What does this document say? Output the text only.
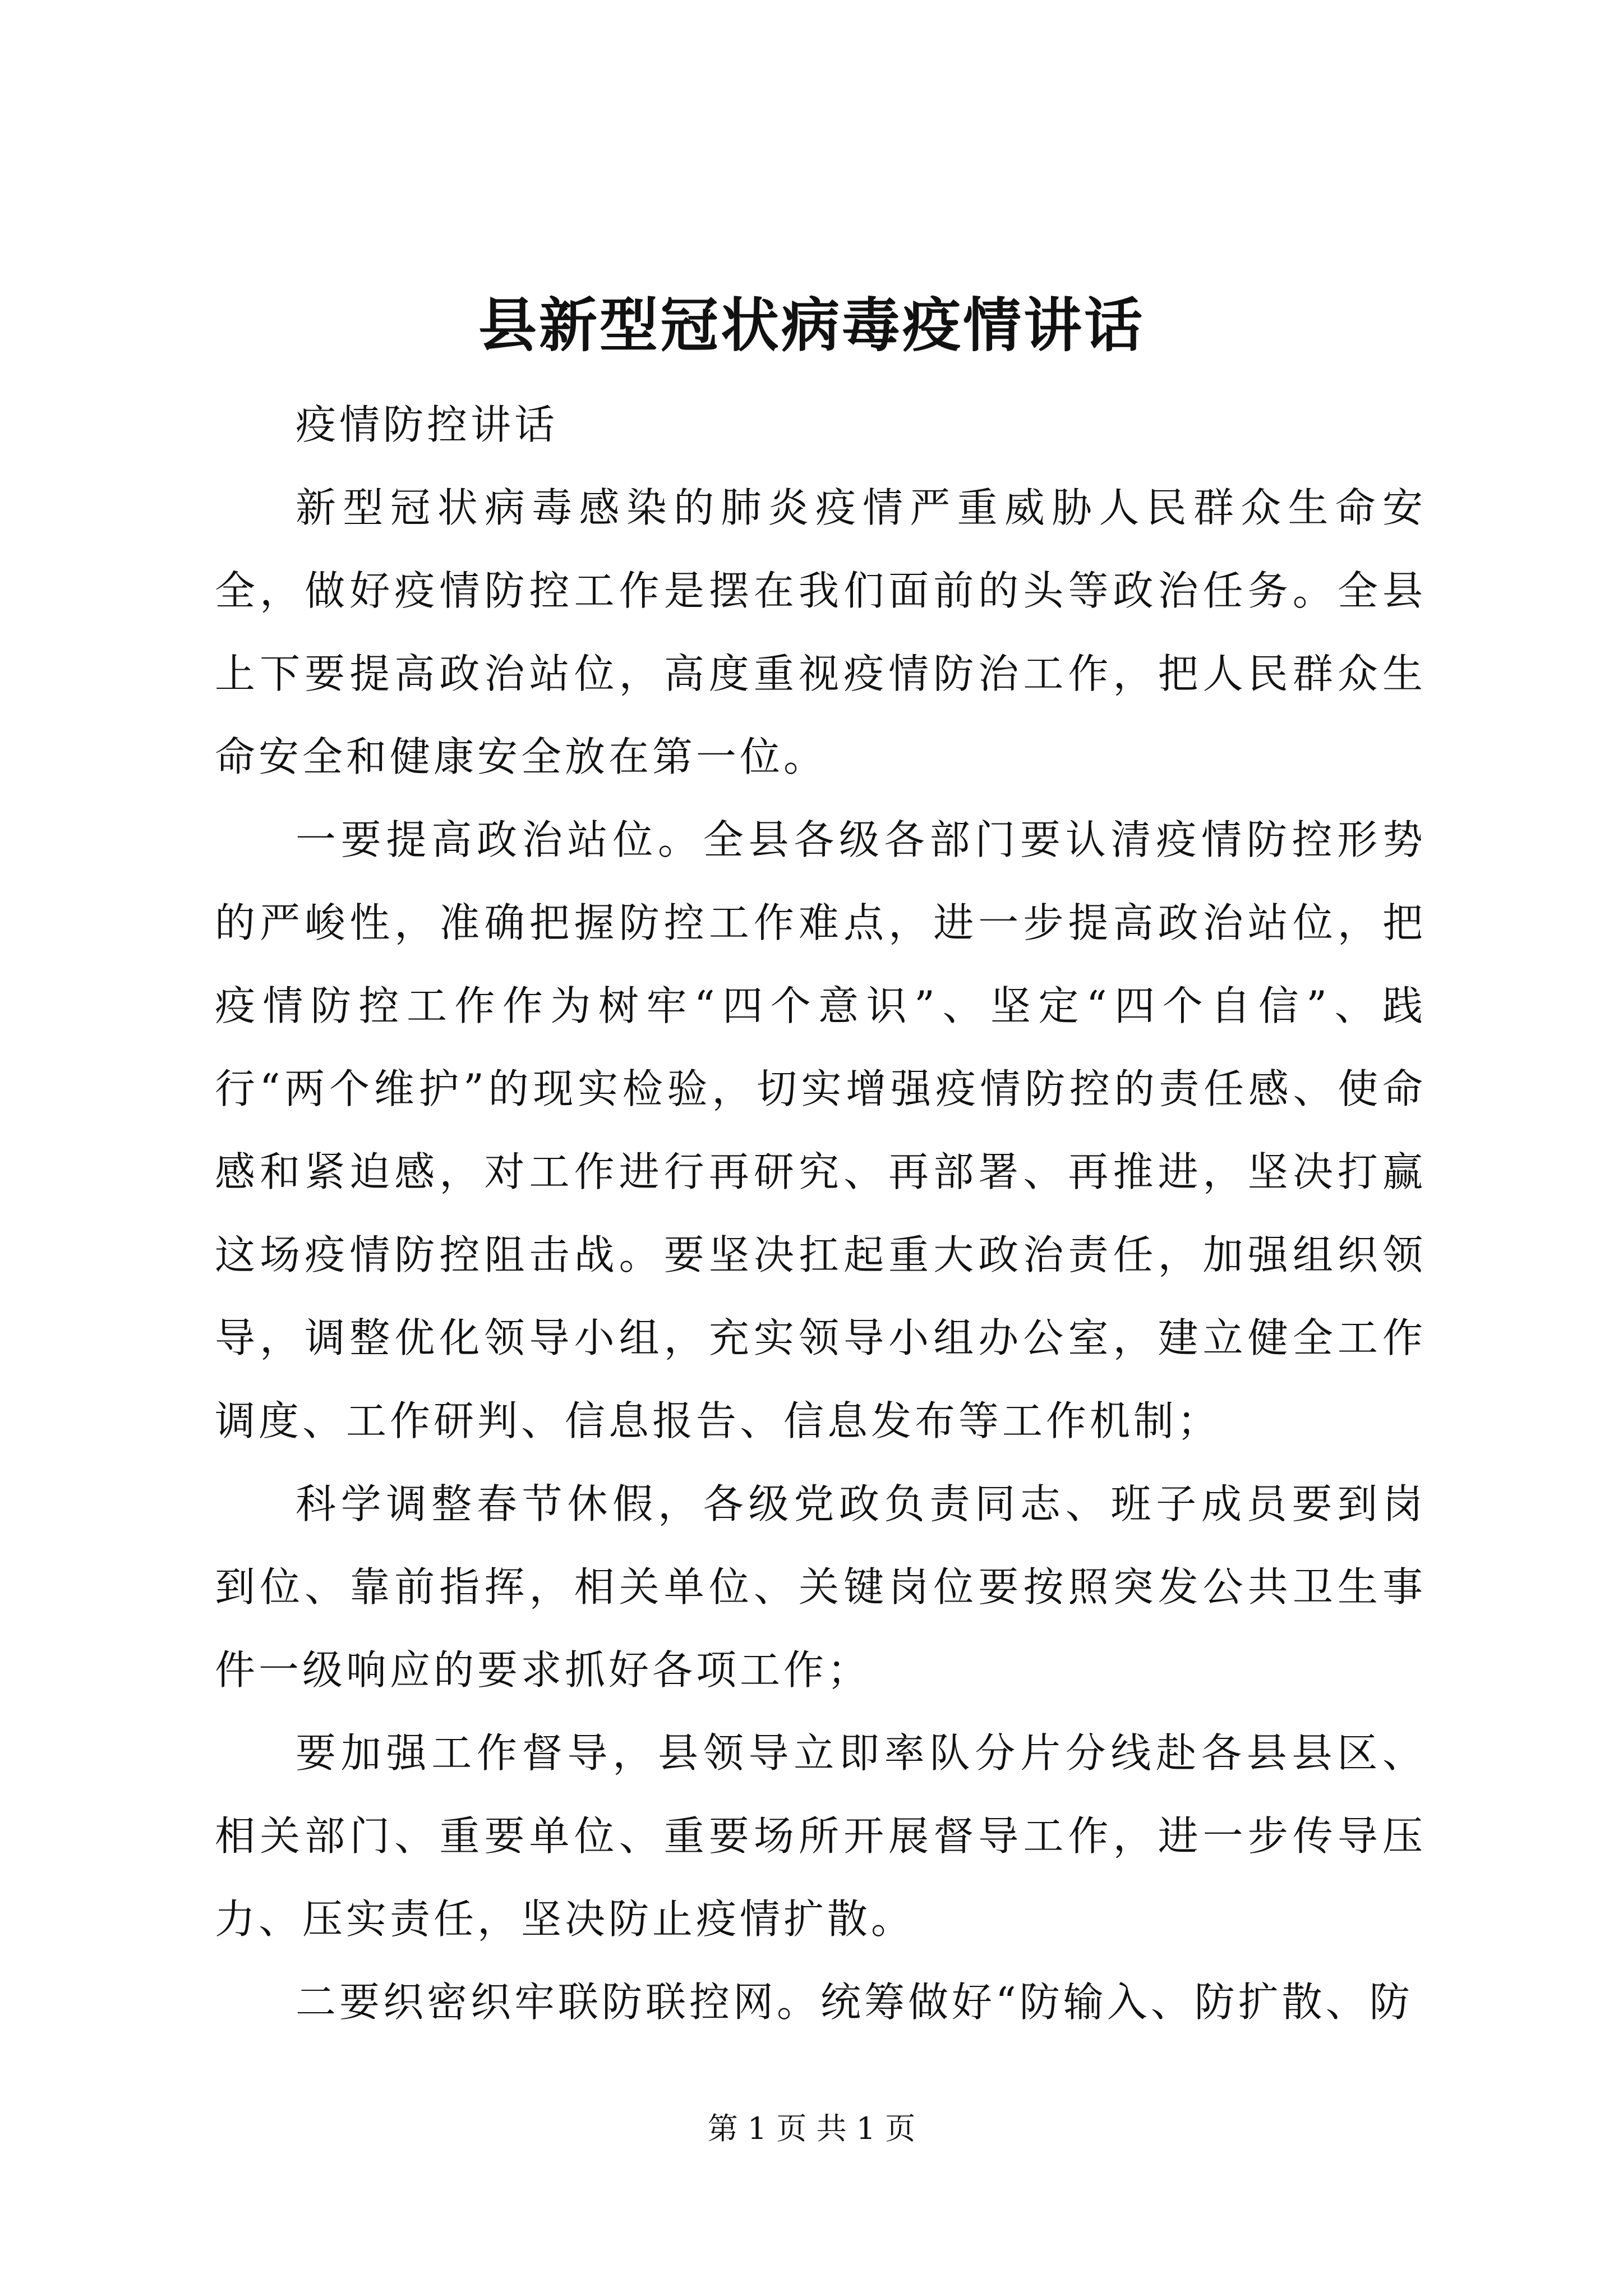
县新型冠状病毒疫情讲话

疫情防控讲话

新型冠状病毒感染的肺炎疫情严重威胁人民群众生命安全，做好疫情防控工作是摆在我们面前的头等政治任务。全县上下要提高政治站位，高度重视疫情防治工作，把人民群众生命安全和健康安全放在第一位。

一要提高政治站位。全县各级各部门要认清疫情防控形势的严峻性，准确把握防控工作难点，进一步提高政治站位，把疫情防控工作作为树牢“四个意识”、坚定“四个自信”、践行“两个维护”的现实检验，切实增强疫情防控的责任感、使命感和紧迫感，对工作进行再研究、再部署、再推进，坚决打赢这场疫情防控阻击战。要坚决扛起重大政治责任，加强组织领导，调整优化领导小组，充实领导小组办公室，建立健全工作调度、工作研判、信息报告、信息发布等工作机制；

科学调整春节休假，各级党政负责同志、班子成员要到岗到位、靠前指挥，相关单位、关键岗位要按照突发公共卫生事件一级响应的要求抓好各项工作；

要加强工作督导，县领导立即率队分片分线赴各县县区、相关部门、重要单位、重要场所开展督导工作，进一步传导压力、压实责任，坚决防止疫情扩散。

二要织密织牢联防联控网。统筹做好“防输入、防扩散、防

第 1 页 共 1 页
